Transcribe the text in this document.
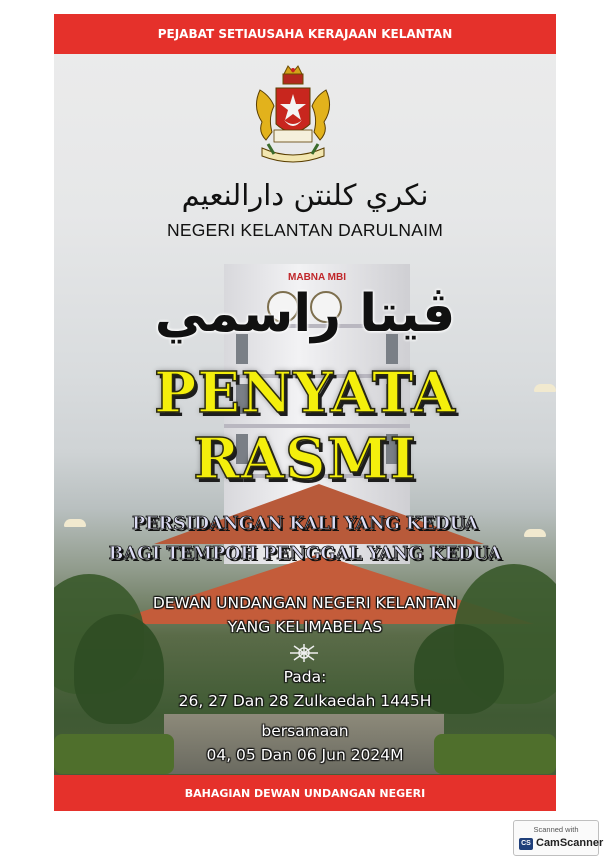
PEJABAT SETIAUSAHA KERAJAAN KELANTAN
MABNA MBI
نكري كلنتن دارالنعيم
NEGERI KELANTAN DARULNAIM
ڤيتا راسمي
PENYATA
RASMI
PERSIDANGAN KALI YANG KEDUA
BAGI TEMPOH PENGGAL YANG KEDUA
DEWAN UNDANGAN NEGERI KELANTAN
YANG KELIMABELAS
Pada:
26, 27 Dan 28 Zulkaedah 1445H
bersamaan
04, 05 Dan 06 Jun 2024M
BAHAGIAN DEWAN UNDANGAN NEGERI
Scanned with
CS CamScanner
